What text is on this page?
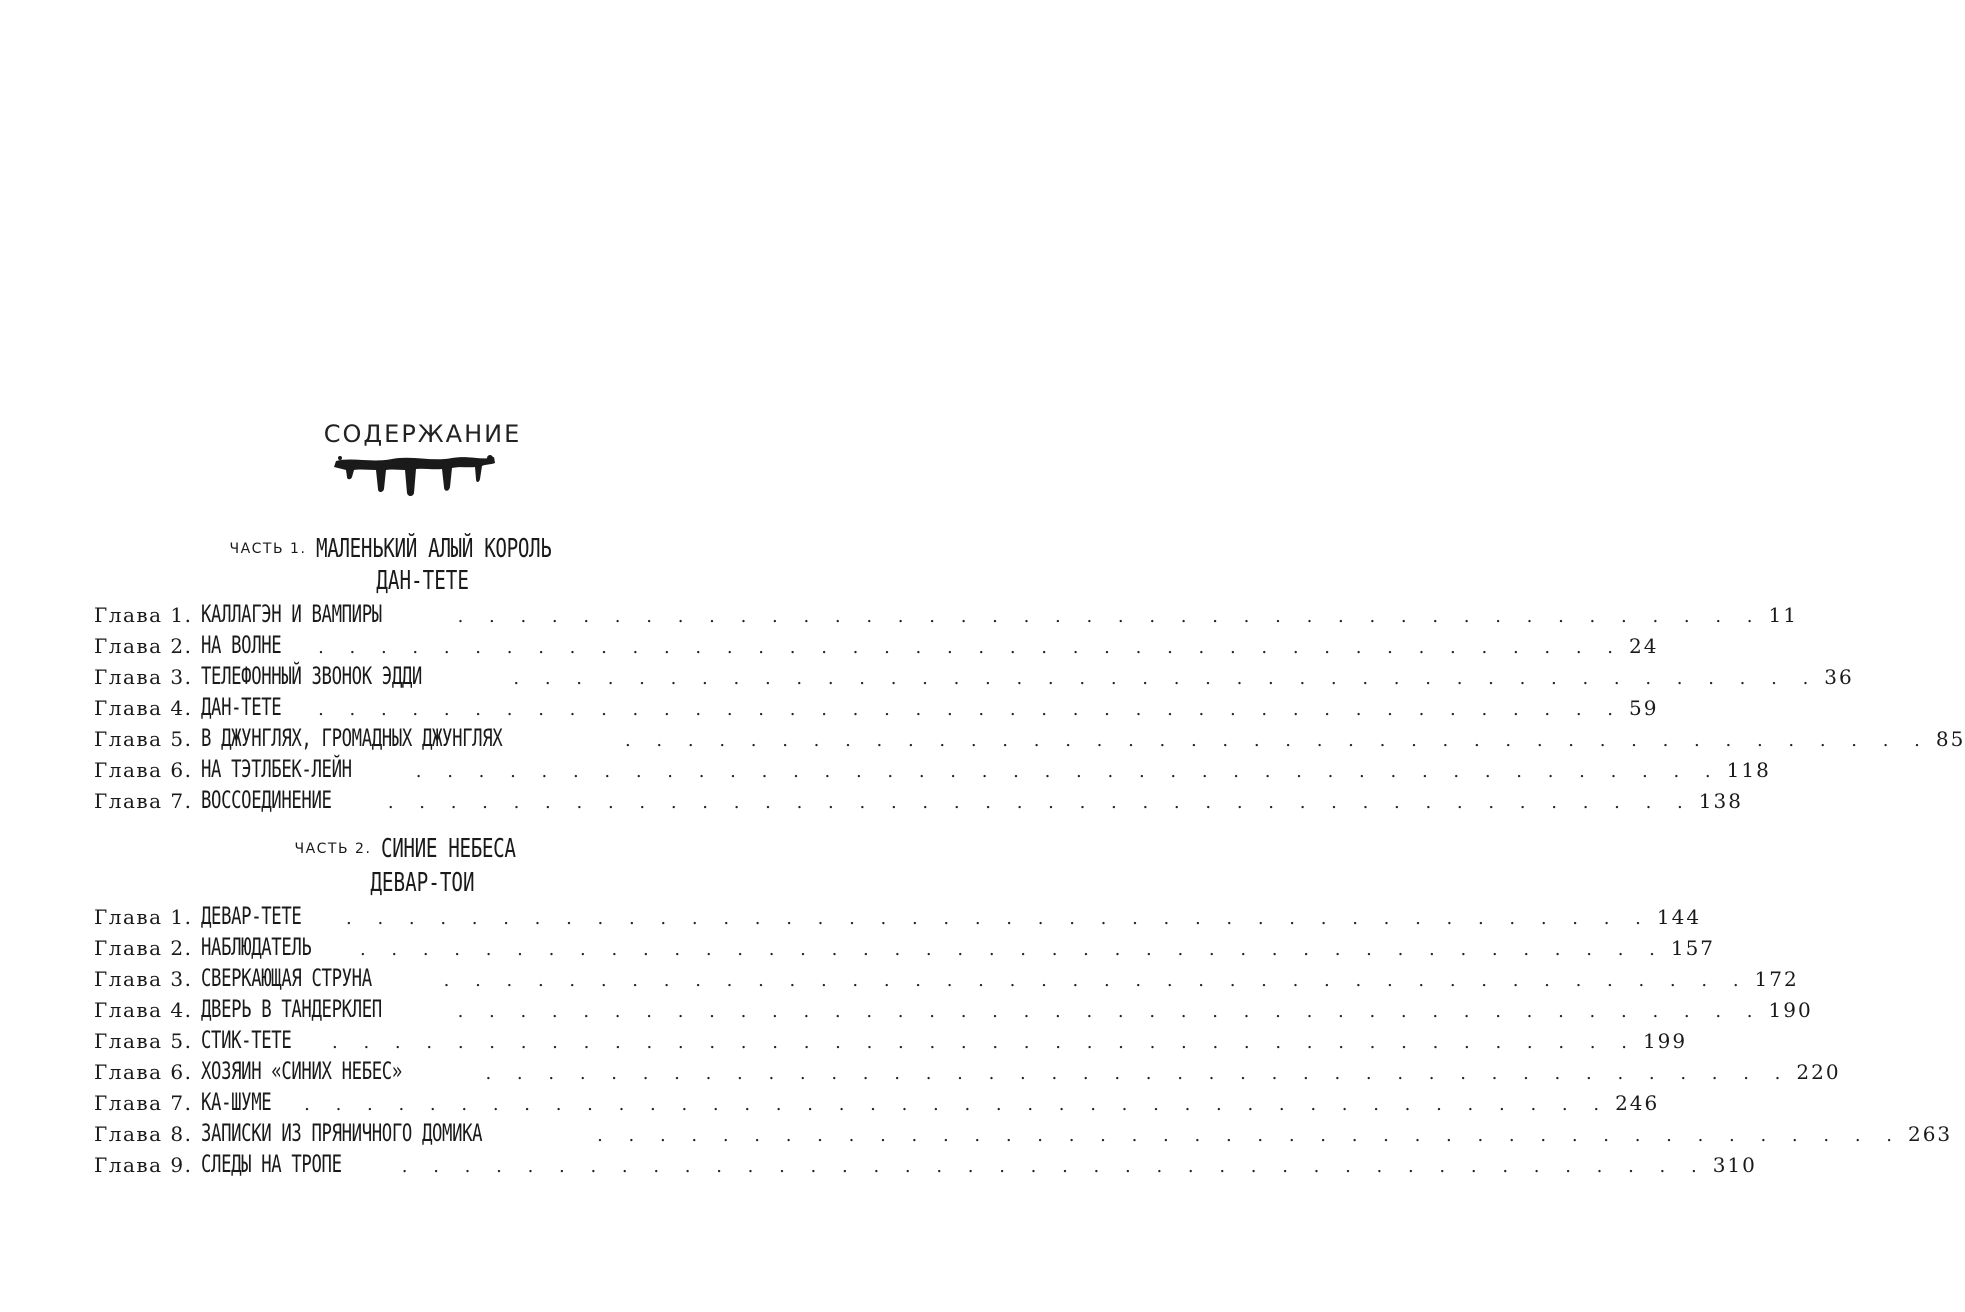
СОДЕРЖАНИЕ
ЧАСТЬ 1. МАЛЕНЬКИЙ АЛЫЙ КОРОЛЬ
ДАН-ТЕТЕ
Глава 1. КАЛЛАГЭН И ВАМПИРЫ	. . . . . . . . . . . . . . . . . . . . . . . . . . . . . . . . . . . . . . . . . . 11
Глава 2. НА ВОЛНЕ . . . . . . . . . . . . . . . . . . . . . . . . . . . . . . . . . . . . . . . . . . 24
Глава 3. ТЕЛЕФОННЫЙ ЗВОНОК ЭДДИ	. . . . . . . . . . . . . . . . . . . . . . . . . . . . . . . . . . . . . . . . . . 36
Глава 4. ДАН-ТЕТЕ . . . . . . . . . . . . . . . . . . . . . . . . . . . . . . . . . . . . . . . . . . 59
Глава 5. В ДЖУНГЛЯХ, ГРОМАДНЫХ ДЖУНГЛЯХ	. . . . . . . . . . . . . . . . . . . . . . . . . . . . . . . . . . . . . . . . . . 85
Глава 6. НА ТЭТЛБЕК-ЛЕЙН	. . . . . . . . . . . . . . . . . . . . . . . . . . . . . . . . . . . . . . . . . . 118
Глава 7. ВОССОЕДИНЕНИЕ	. . . . . . . . . . . . . . . . . . . . . . . . . . . . . . . . . . . . . . . . . . 138
ЧАСТЬ 2. СИНИЕ НЕБЕСА
ДЕВАР-ТОИ
Глава 1. ДЕВАР-ТЕТЕ	. . . . . . . . . . . . . . . . . . . . . . . . . . . . . . . . . . . . . . . . . . 144
Глава 2. НАБЛЮДАТЕЛЬ	. . . . . . . . . . . . . . . . . . . . . . . . . . . . . . . . . . . . . . . . . . 157
Глава 3. СВЕРКАЮЩАЯ СТРУНА	. . . . . . . . . . . . . . . . . . . . . . . . . . . . . . . . . . . . . . . . . . 172
Глава 4. ДВЕРЬ В ТАНДЕРКЛЕП	. . . . . . . . . . . . . . . . . . . . . . . . . . . . . . . . . . . . . . . . . . 190
Глава 5. СТИК-ТЕТЕ . . . . . . . . . . . . . . . . . . . . . . . . . . . . . . . . . . . . . . . . . . 199
Глава 6. ХОЗЯИН «СИНИХ НЕБЕС»	. . . . . . . . . . . . . . . . . . . . . . . . . . . . . . . . . . . . . . . . . . 220
Глава 7. КА-ШУМЕ . . . . . . . . . . . . . . . . . . . . . . . . . . . . . . . . . . . . . . . . . . 246
Глава 8. ЗАПИСКИ ИЗ ПРЯНИЧНОГО ДОМИКА	. . . . . . . . . . . . . . . . . . . . . . . . . . . . . . . . . . . . . . . . . . 263
Глава 9. СЛЕДЫ НА ТРОПЕ	. . . . . . . . . . . . . . . . . . . . . . . . . . . . . . . . . . . . . . . . . . 310
